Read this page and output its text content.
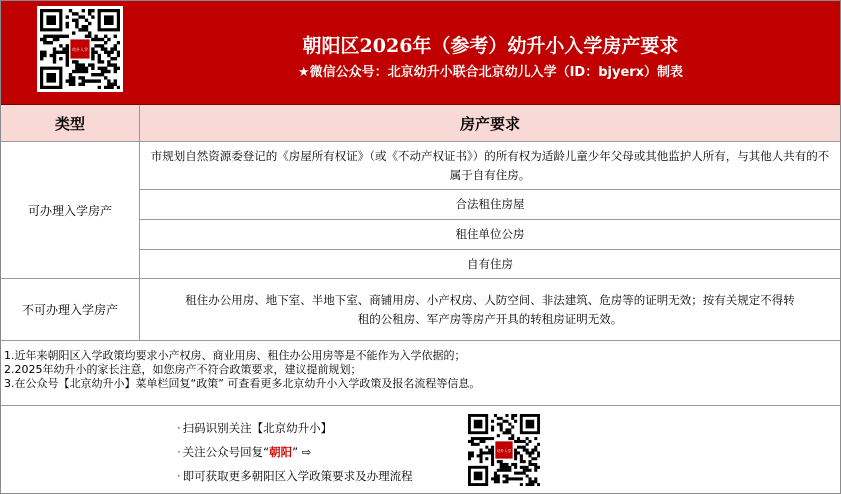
幼升入学	朝阳区2026年（参考）幼升小入学房产要求
★微信公众号：北京幼升小联合北京幼儿入学（ID：bjyerx）制表
类型	房产要求
可办理入学房产
市规划自然资源委登记的《房屋所有权证》（或《不动产权证书》）的所有权为适龄儿童少年父母或其他监护人所有，与其他人共有的不属于自有住房。
合法租住房屋
租住单位公房
自有住房
不可办理入学房产
租住办公用房、地下室、半地下室、商铺用房、小产权房、人防空间、非法建筑、危房等的证明无效；按有关规定不得转租的公租房、军产房等房产开具的转租房证明无效。
1.近年来朝阳区入学政策均要求小产权房、商业用房、租住办公用房等是不能作为入学依据的；
2.2025年幼升小的家长注意，如您房产不符合政策要求，建议提前规划；
3.在公众号【北京幼升小】菜单栏回复“政策” 可查看更多北京幼升小入学政策及报名流程等信息。
· 扫码识别关注【北京幼升小】
· 关注公众号回复“朝阳” ⇨
· 即可获取更多朝阳区入学政策要求及办理流程
幼升入学
